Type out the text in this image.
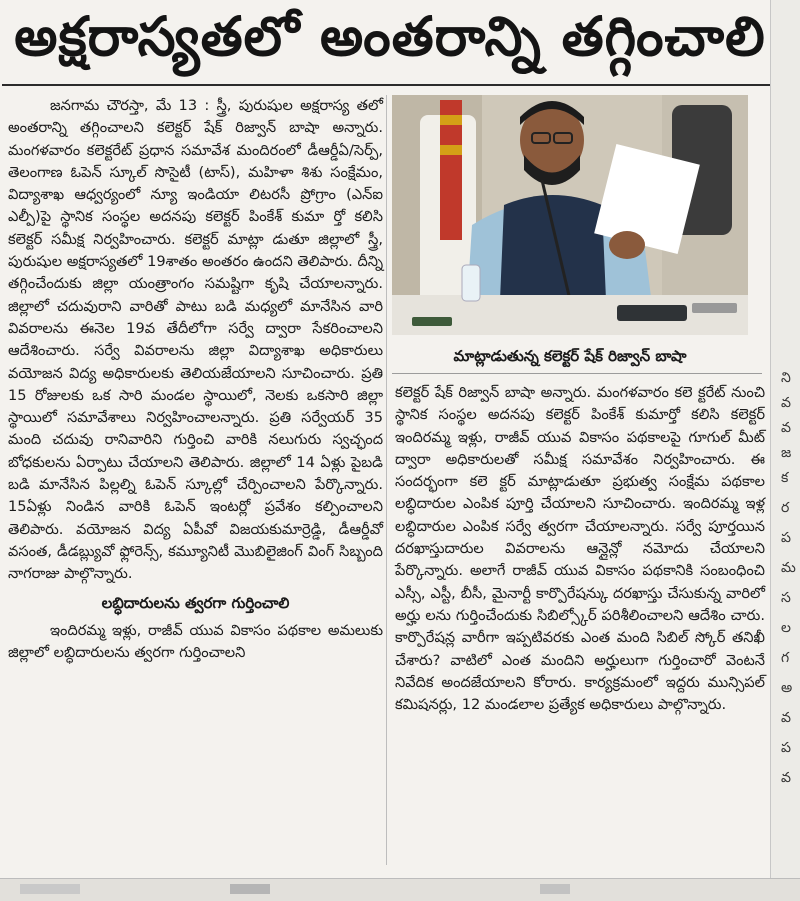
అక్షరాస్యతలో అంతరాన్ని తగ్గించాలి

జనగామ చౌరస్తా, మే 13 : స్త్రీ, పురుషుల అక్షరాస్య తలో అంతరాన్ని తగ్గించాలని కలెక్టర్ షేక్ రిజ్వాన్ బాషా అన్నారు. మంగళవారం కలెక్టరేట్ ప్రధాన సమావేశ మందిరంలో డీఆర్డీఏ/సెర్ప్, తెలంగాణ ఓపెన్ స్కూల్ సొసైటీ (టాస్), మహిళా శిశు సంక్షేమం, విద్యాశాఖ ఆధ్వర్యంలో న్యూ ఇండియా లిటరసీ ప్రోగ్రాం (ఎన్ఐ ఎల్పీ)పై స్థానిక సంస్థల అదనపు కలెక్టర్ పింకేశ్ కుమా ర్తో కలిసి కలెక్టర్ సమీక్ష నిర్వహించారు. కలెక్టర్ మాట్లా డుతూ జిల్లాలో స్త్రీ, పురుషుల అక్షరాస్యతలో 19శాతం అంతరం ఉందని తెలిపారు. దీన్ని తగ్గించేందుకు జిల్లా యంత్రాంగం సమష్టిగా కృషి చేయాలన్నారు. జిల్లాలో చదువురాని వారితో పాటు బడి మధ్యలో మానేసిన వారి వివరాలను ఈనెల 19వ తేదీలోగా సర్వే ద్వారా సేకరించాలని ఆదేశించారు. సర్వే వివరాలను జిల్లా విద్యాశాఖ అధికారులు వయోజన విద్య అధికారులకు తెలియజేయాలని సూచించారు. ప్రతి 15 రోజులకు ఒక సారి మండల స్థాయిలో, నెలకు ఒకసారి జిల్లా స్థాయిలో సమావేశాలు నిర్వహించాలన్నారు. ప్రతి సర్వేయర్ 35 మంది చదువు రానివారిని గుర్తించి వారికి నలుగురు స్వచ్ఛంద బోధకులను ఏర్పాటు చేయాలని తెలిపారు. జిల్లాలో 14 ఏళ్లు పైబడి బడి మానేసిన పిల్లల్ని ఓపెన్ స్కూల్లో చేర్పించాలని పేర్కొన్నారు. 15ఏళ్లు నిండిన వారికి ఓపెన్ ఇంటర్లో ప్రవేశం కల్పించాలని తెలిపారు. వయోజన విద్య ఏపీవో విజయకుమార్రెడ్డి, డీఆర్డీవో వసంత, డీడబ్ల్యువో ఫ్లోరెన్స్, కమ్యూనిటీ మొబిలైజింగ్ వింగ్ సిబ్బంది నాగరాజు పాల్గొన్నారు.

లబ్ధిదారులను త్వరగా గుర్తించాలి

ఇందిరమ్మ ఇళ్లు, రాజీవ్ యువ వికాసం పథకాల అమలుకు జిల్లాలో లబ్ధిదారులను త్వరగా గుర్తించాలని

మాట్లాడుతున్న కలెక్టర్ షేక్ రిజ్వాన్ బాషా

కలెక్టర్ షేక్ రిజ్వాన్ బాషా అన్నారు. మంగళవారం కలె క్టరేట్ నుంచి స్థానిక సంస్థల అదనపు కలెక్టర్ పింకేశ్ కుమార్తో కలిసి కలెక్టర్ ఇందిరమ్మ ఇళ్లు, రాజీవ్ యువ వికాసం పథకాలపై గూగుల్ మీట్ ద్వారా అధికారులతో సమీక్ష సమావేశం నిర్వహించారు. ఈ సందర్భంగా కలె క్టర్ మాట్లాడుతూ ప్రభుత్వ సంక్షేమ పథకాల లబ్ధిదారుల ఎంపిక పూర్తి చేయాలని సూచించారు. ఇందిరమ్మ ఇళ్ల లబ్ధిదారుల ఎంపిక సర్వే త్వరగా చేయాలన్నారు. సర్వే పూర్తయిన దరఖాస్తుదారుల వివరాలను ఆన్లైన్లో నమోదు చేయాలని పేర్కొన్నారు. అలాగే రాజీవ్ యువ వికాసం పథకానికి సంబంధించి ఎస్సీ, ఎస్టీ, బీసీ, మైనార్టీ కార్పొరేషన్కు దరఖాస్తు చేసుకున్న వారిలో అర్హు లను గుర్తించేందుకు సిబిల్స్కోర్ పరిశీలించాలని ఆదేశిం చారు. కార్పొరేషన్ల వారీగా ఇప్పటివరకు ఎంత మంది సిబిల్ స్కోర్ తనిఖీ చేశారు? వాటిలో ఎంత మందిని అర్హులుగా గుర్తించారో వెంటనే నివేదిక అందజేయాలని కోరారు. కార్యక్రమంలో ఇద్దరు మున్సిపల్ కమిషనర్లు, 12 మండలాల ప్రత్యేక అధికారులు పాల్గొన్నారు.

ని
వ
వ
జ
క
ర
ప
మ
స
ల
గ
అ
వ
ప
వ
